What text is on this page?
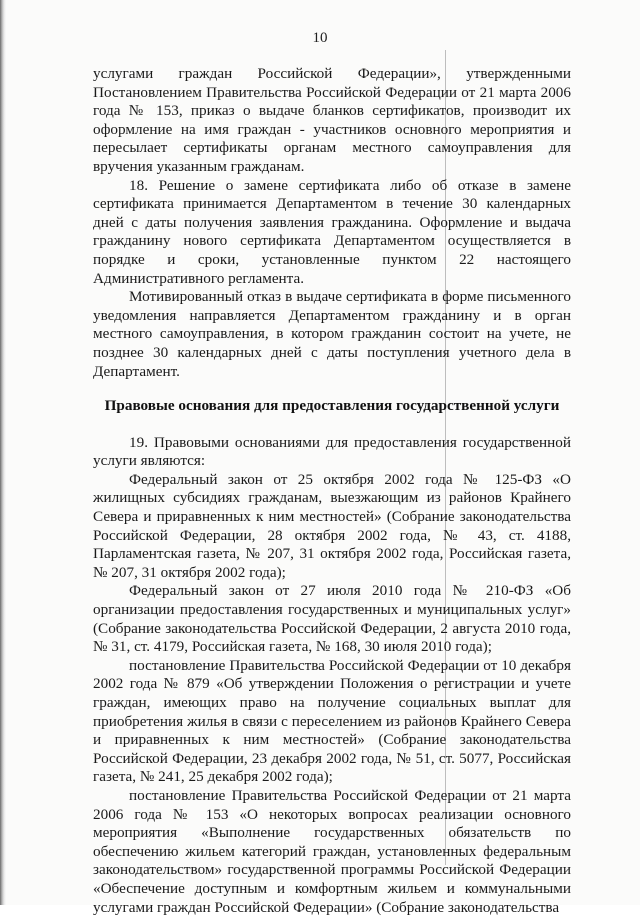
10

услугами граждан Российской Федерации», утвержденными Постановлением Правительства Российской Федерации от 21 марта 2006 года № 153, приказ о выдаче бланков сертификатов, производит их оформление на имя граждан - участников основного мероприятия и пересылает сертификаты органам местного самоуправления для вручения указанным гражданам.

18. Решение о замене сертификата либо об отказе в замене сертификата принимается Департаментом в течение 30 календарных дней с даты получения заявления гражданина. Оформление и выдача гражданину нового сертификата Департаментом осуществляется в порядке и сроки, установленные пунктом 22 настоящего Административного регламента.

Мотивированный отказ в выдаче сертификата в форме письменного уведомления направляется Департаментом гражданину и в орган местного самоуправления, в котором гражданин состоит на учете, не позднее 30 календарных дней с даты поступления учетного дела в Департамент.

Правовые основания для предоставления государственной услуги

19. Правовыми основаниями для предоставления государственной услуги являются:

Федеральный закон от 25 октября 2002 года № 125-ФЗ «О жилищных субсидиях гражданам, выезжающим из районов Крайнего Севера и приравненных к ним местностей» (Собрание законодательства Российской Федерации, 28 октября 2002 года, № 43, ст. 4188, Парламентская газета, № 207, 31 октября 2002 года, Российская газета, № 207, 31 октября 2002 года);

Федеральный закон от 27 июля 2010 года № 210-ФЗ «Об организации предоставления государственных и муниципальных услуг» (Собрание законодательства Российской Федерации, 2 августа 2010 года, № 31, ст. 4179, Российская газета, № 168, 30 июля 2010 года);

постановление Правительства Российской Федерации от 10 декабря 2002 года № 879 «Об утверждении Положения о регистрации и учете граждан, имеющих право на получение социальных выплат для приобретения жилья в связи с переселением из районов Крайнего Севера и приравненных к ним местностей» (Собрание законодательства Российской Федерации, 23 декабря 2002 года, № 51, ст. 5077, Российская газета, № 241, 25 декабря 2002 года);

постановление Правительства Российской Федерации от 21 марта 2006 года № 153 «О некоторых вопросах реализации основного мероприятия «Выполнение государственных обязательств по обеспечению жильем категорий граждан, установленных федеральным законодательством» государственной программы Российской Федерации «Обеспечение доступным и комфортным жильем и коммунальными услугами граждан Российской Федерации» (Собрание законодательства
